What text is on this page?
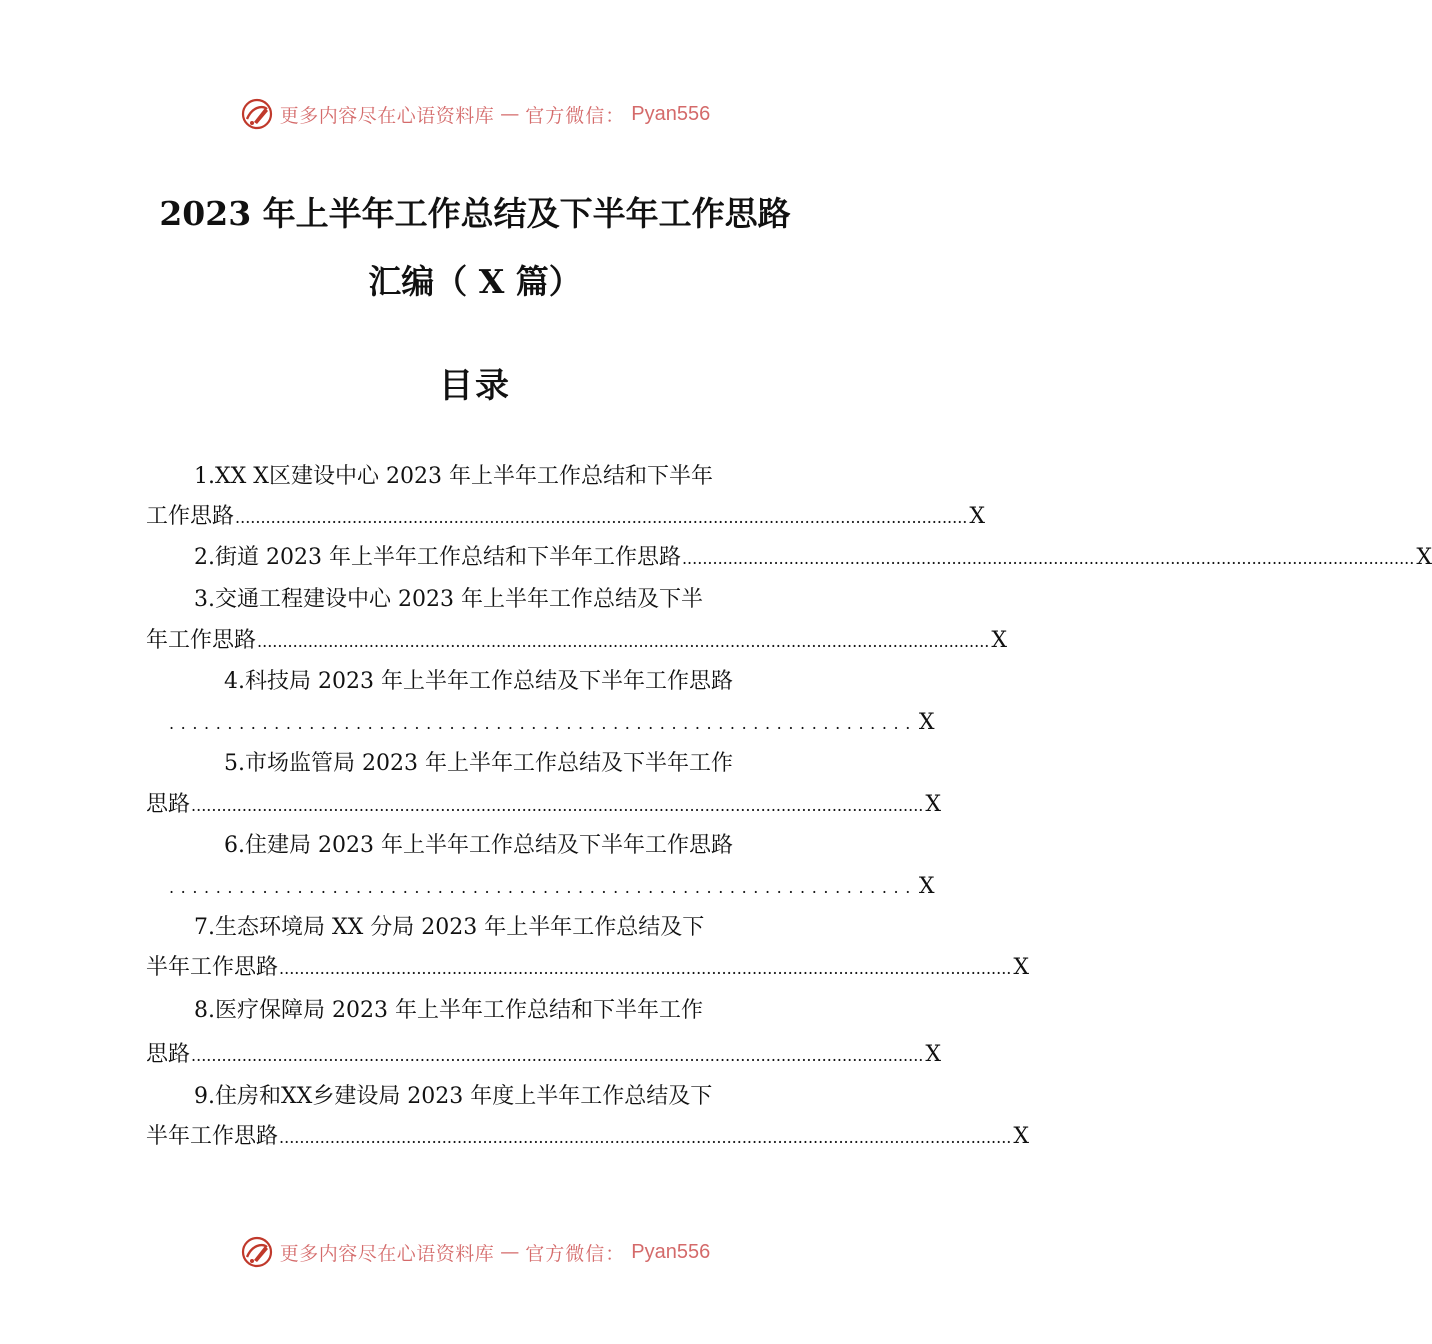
更多内容尽在心语资料库 — 官方微信： Pyan556
2023 年上半年工作总结及下半年工作思路
汇编（ X 篇）
目录
1.XX X区建设中心 2023 年上半年工作总结和下半年
工作思路 ................................................................................................................................................ X
2.街道 2023 年上半年工作总结和下半年工作思路 ................................................................................................................................................ X
3.交通工程建设中心 2023 年上半年工作总结及下半
年工作思路 ................................................................................................................................................ X
4.科技局 2023 年上半年工作总结及下半年工作思路
................................................................ X
5.市场监管局 2023 年上半年工作总结及下半年工作
思路 ................................................................................................................................................ X
6.住建局 2023 年上半年工作总结及下半年工作思路
................................................................ X
7.生态环境局 XX 分局 2023 年上半年工作总结及下
半年工作思路 ................................................................................................................................................ X
8.医疗保障局 2023 年上半年工作总结和下半年工作
思路 ................................................................................................................................................ X
9.住房和XX乡建设局 2023 年度上半年工作总结及下
半年工作思路 ................................................................................................................................................ X
更多内容尽在心语资料库 — 官方微信： Pyan556
